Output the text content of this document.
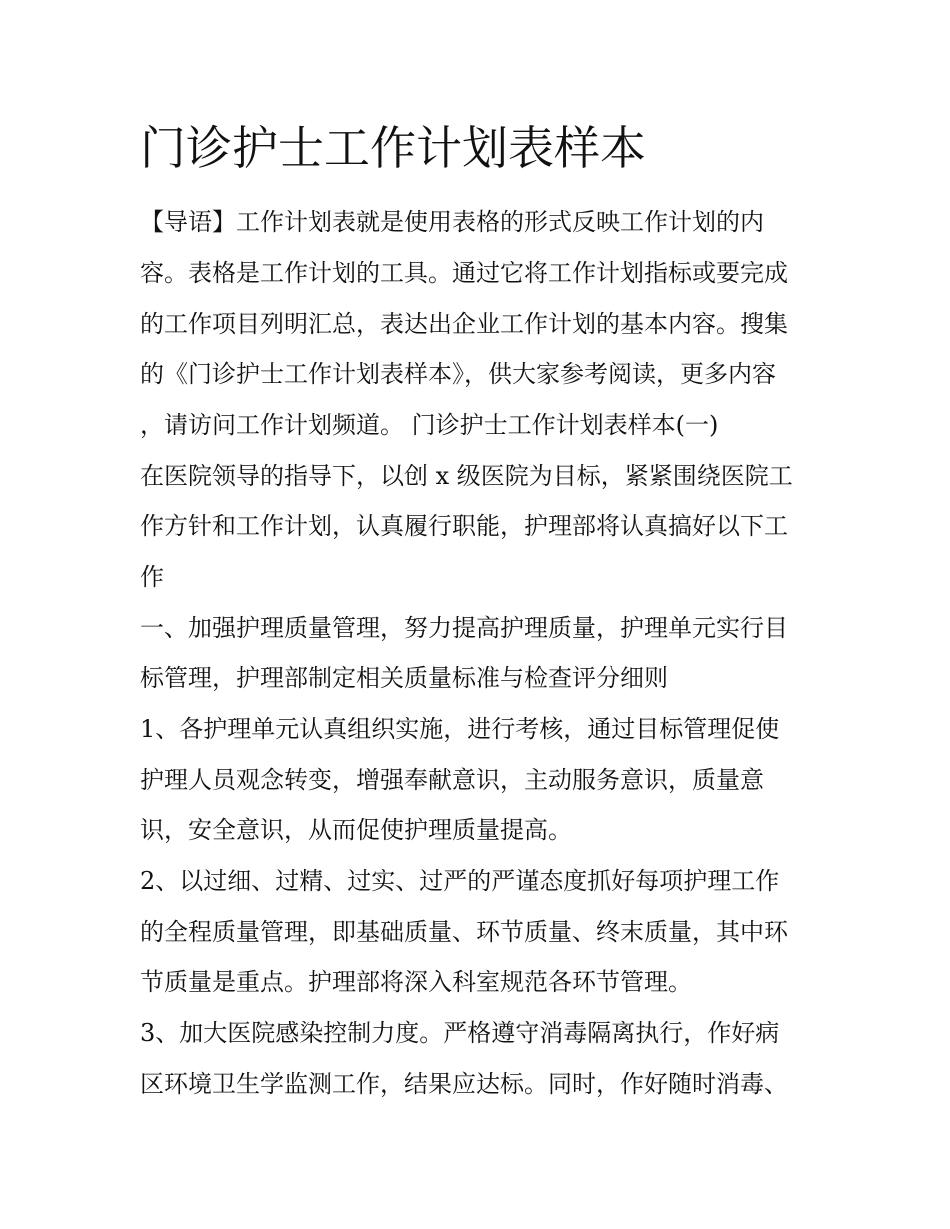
门诊护士工作计划表样本

【导语】工作计划表就是使用表格的形式反映工作计划的内

容。表格是工作计划的工具。通过它将工作计划指标或要完成

的工作项目列明汇总，表达出企业工作计划的基本内容。搜集

的《门诊护士工作计划表样本》，供大家参考阅读，更多内容

，请访问工作计划频道。 门诊护士工作计划表样本(一)

在医院领导的指导下，以创 x 级医院为目标，紧紧围绕医院工

作方针和工作计划，认真履行职能，护理部将认真搞好以下工

作

一、加强护理质量管理，努力提高护理质量，护理单元实行目

标管理，护理部制定相关质量标准与检查评分细则

1、各护理单元认真组织实施，进行考核，通过目标管理促使

护理人员观念转变，增强奉献意识，主动服务意识，质量意

识，安全意识，从而促使护理质量提高。

2、以过细、过精、过实、过严的严谨态度抓好每项护理工作

的全程质量管理，即基础质量、环节质量、终末质量，其中环

节质量是重点。护理部将深入科室规范各环节管理。

3、加大医院感染控制力度。严格遵守消毒隔离执行，作好病

区环境卫生学监测工作，结果应达标。同时，作好随时消毒、
